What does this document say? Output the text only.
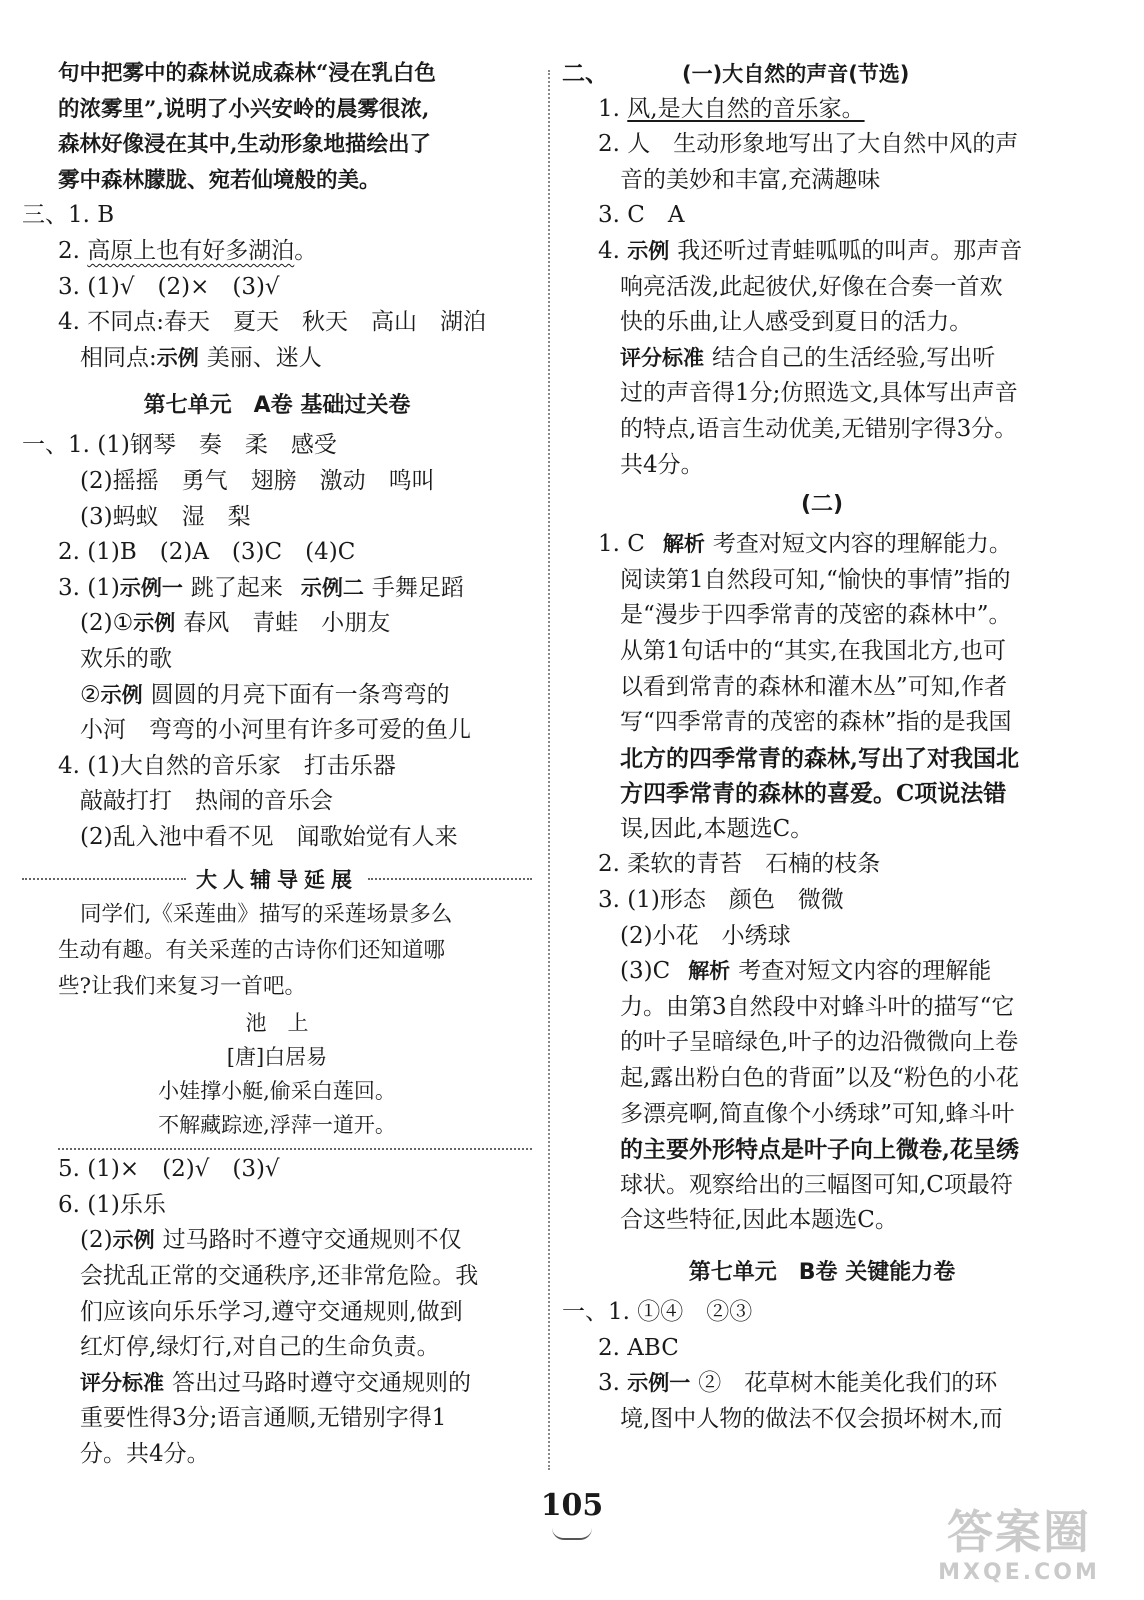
句中把雾中的森林说成森林“浸在乳白色
的浓雾里”,说明了小兴安岭的晨雾很浓,
森林好像浸在其中,生动形象地描绘出了
雾中森林朦胧、宛若仙境般的美。
三、1. B
2. 高原上也有好多湖泊。
3. (1)√　(2)×　(3)√
4. 不同点:春天　夏天　秋天　高山　湖泊
相同点:示例 美丽、迷人
第七单元　A卷 基础过关卷
一、1. (1)钢琴　奏　柔　感受
(2)摇摇　勇气　翅膀　激动　鸣叫
(3)蚂蚁　湿　梨
2. (1)B　(2)A　(3)C　(4)C
3. (1)示例一 跳了起来 示例二 手舞足蹈
(2)①示例 春风　青蛙　小朋友
欢乐的歌
②示例 圆圆的月亮下面有一条弯弯的
小河　弯弯的小河里有许多可爱的鱼儿
4. (1)大自然的音乐家　打击乐器
敲敲打打　热闹的音乐会
(2)乱入池中看不见　闻歌始觉有人来
大人辅导延展
同学们,《采莲曲》描写的采莲场景多么
生动有趣。有关采莲的古诗你们还知道哪
些?让我们来复习一首吧。
池　上
[唐]白居易
小娃撑小艇,偷采白莲回。
不解藏踪迹,浮萍一道开。
5. (1)×　(2)√　(3)√
6. (1)乐乐
(2)示例 过马路时不遵守交通规则不仅
会扰乱正常的交通秩序,还非常危险。我
们应该向乐乐学习,遵守交通规则,做到
红灯停,绿灯行,对自己的生命负责。
评分标准 答出过马路时遵守交通规则的
重要性得3分;语言通顺,无错别字得1
分。共4分。
二、	(一)大自然的声音(节选)
1. 风,是大自然的音乐家。
2. 人　生动形象地写出了大自然中风的声
音的美妙和丰富,充满趣味
3. C　A
4. 示例 我还听过青蛙呱呱的叫声。那声音
响亮活泼,此起彼伏,好像在合奏一首欢
快的乐曲,让人感受到夏日的活力。
评分标准 结合自己的生活经验,写出听
过的声音得1分;仿照选文,具体写出声音
的特点,语言生动优美,无错别字得3分。
共4分。
(二)
1. C 解析 考查对短文内容的理解能力。
阅读第1自然段可知,“愉快的事情”指的
是“漫步于四季常青的茂密的森林中”。
从第1句话中的“其实,在我国北方,也可
以看到常青的森林和灌木丛”可知,作者
写“四季常青的茂密的森林”指的是我国
北方的四季常青的森林,写出了对我国北
方四季常青的森林的喜爱。C项说法错
误,因此,本题选C。
2. 柔软的青苔　石楠的枝条
3. (1)形态　颜色　微微
(2)小花　小绣球
(3)C 解析 考查对短文内容的理解能
力。由第3自然段中对蜂斗叶的描写“它
的叶子呈暗绿色,叶子的边沿微微向上卷
起,露出粉白色的背面”以及“粉色的小花
多漂亮啊,简直像个小绣球”可知,蜂斗叶
的主要外形特点是叶子向上微卷,花呈绣
球状。观察给出的三幅图可知,C项最符
合这些特征,因此本题选C。
第七单元　B卷 关键能力卷
一、1. ①④　②③
2. ABC
3. 示例一 ②　花草树木能美化我们的环
境,图中人物的做法不仅会损坏树木,而
105	答案圈
MXQE.COM
